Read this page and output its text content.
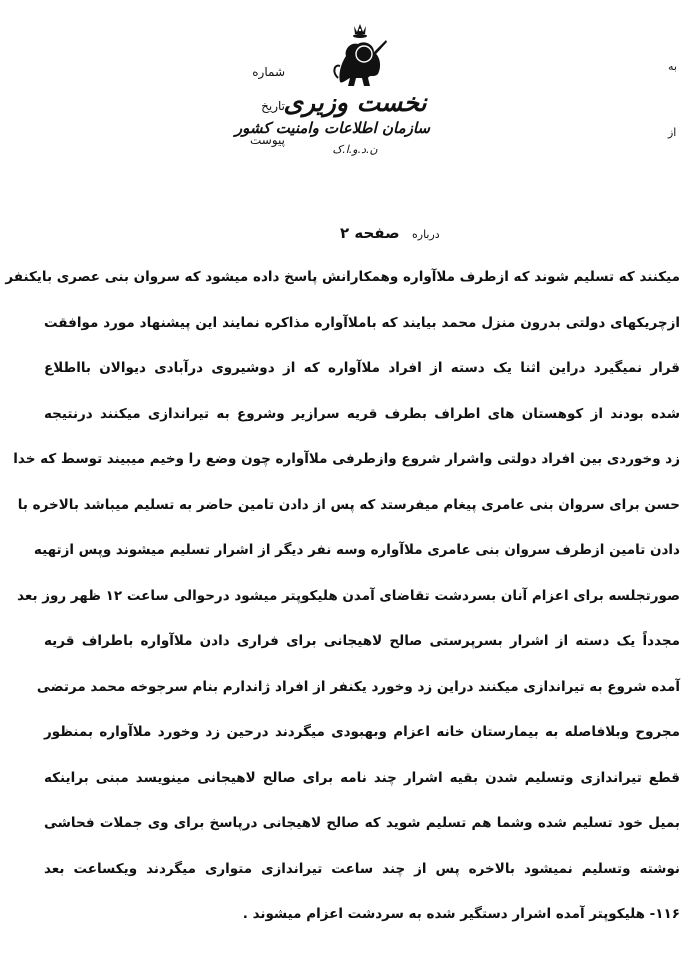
شماره
تاریخ
پیوست
به
از
نخست وزیری
سازمان اطلاعات وامنیت کشور
ن.د.و.ا.ک
درباره
صفحه ۲
میکنند که تسلیم شوند که ازطرف ملاآواره وهمکارانش پاسخ داده میشود که سروان بنی عصری بایکنفر
ازچریکهای دولتی بدرون منزل محمد بیایند که باملاآواره مذاکره نمایند این پیشنهاد مورد موافقت
قرار نمیگیرد دراین اثنا یک دسته از افراد ملاآواره که از دوشیروی درآبادی دیوالان بااطلاع
شده بودند از کوهستان های اطراف بطرف قریه سرازیر وشروع به تیراندازی میکنند درنتیجه
زد وخوردی بین افراد دولتی واشرار شروع وازطرفی ملاآواره چون وضع را وخیم میبیند توسط که خدا
حسن برای سروان بنی عامری پیغام میفرستد که پس از دادن تامین حاضر به تسلیم میباشد بالاخره با
دادن تامین ازطرف سروان بنی عامری ملاآواره وسه نفر دیگر از اشرار تسلیم میشوند وپس ازتهیه
صورتجلسه برای اعزام آنان بسردشت تقاضای آمدن هلیکوپتر میشود درحوالی ساعت ۱۲ ظهر روز بعد
مجدداً یک دسته از اشرار بسرپرستی صالح لاهیجانی برای فراری دادن ملاآواره باطراف قریه
آمده شروع به تیراندازی میکنند دراین زد وخورد یکنفر از افراد ژاندارم بنام سرجوخه محمد مرتضی
مجروح وبلافاصله به بیمارستان خانه اعزام وبهبودی میگردند درحین زد وخورد ملاآواره بمنظور
قطع تیراندازی وتسلیم شدن بقیه اشرار چند نامه برای صالح لاهیجانی مینویسد مبنی براینکه
بمیل خود تسلیم شده وشما هم تسلیم شوید که صالح لاهیجانی درپاسخ برای وی جملات فحاشی
نوشته وتسلیم نمیشود بالاخره پس از چند ساعت تیراندازی متواری میگردند ویکساعت بعد
۱۱۶- هلیکوپتر آمده اشرار دستگیر شده به سردشت اعزام میشوند .
